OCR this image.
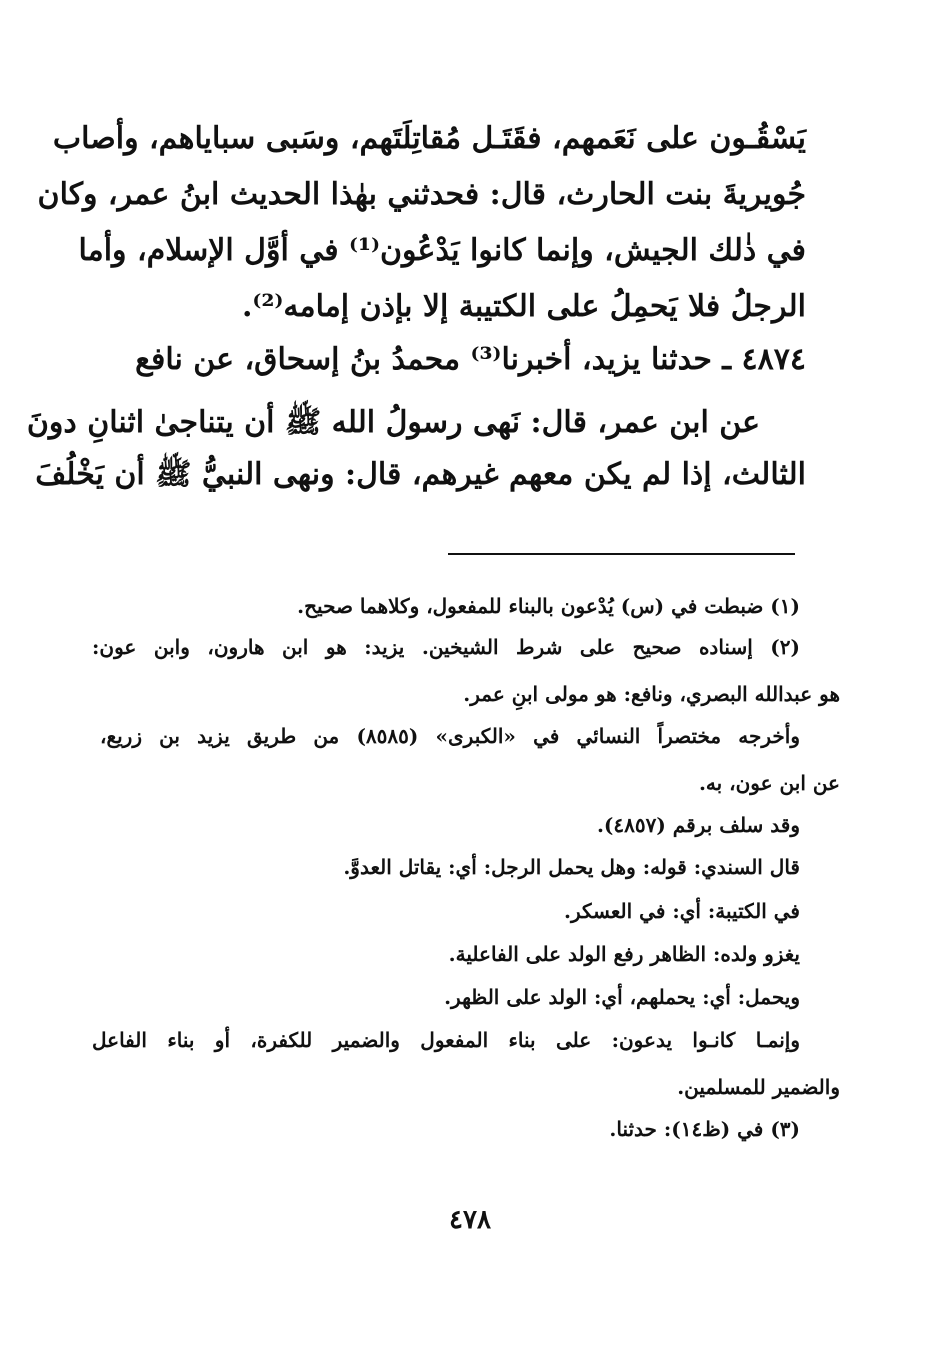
يَسْقُـون على نَعَمهم، فقَتَـل مُقاتِلَتَهم، وسَبى سباياهم، وأصاب
جُويريةَ بنت الحارث، قال: فحدثني بهٰذا الحديث ابنُ عمر، وكان
في ذٰلك الجيش، وإنما كانوا يَدْعُون⁽¹⁾ في أوَّل الإسلام، وأما
الرجلُ فلا يَحمِلُ على الكتيبة إلا بإذن إمامه⁽²⁾.
٤٨٧٤ ـ حدثنا يزيد، أخبرنا⁽³⁾ محمدُ بنُ إسحاق، عن نافع
عن ابن عمر، قال: نَهى رسولُ الله ﷺ أن يتناجىٰ اثنانِ دونَ
الثالث، إذا لم يكن معهم غيرهم، قال: ونهى النبيُّ ﷺ أن يَخْلُفَ
(١) ضبطت في (س) يُدْعون بالبناء للمفعول، وكلاهما صحيح.
(٢) إسناده صحيح على شرط الشيخين. يزيد: هو ابن هارون، وابن عون:
هو عبدالله البصري، ونافع: هو مولى ابنِ عمر.
وأخرجه مختصراً النسائي في «الكبرى» (٨٥٨٥) من طريق يزيد بن زريع،
عن ابن عون، به.
وقد سلف برقم (٤٨٥٧).
قال السندي: قوله: وهل يحمل الرجل: أي: يقاتل العدوَّ.
في الكتيبة: أي: في العسكر.
يغزو ولده: الظاهر رفع الولد على الفاعلية.
ويحمل: أي: يحملهم، أي: الولد على الظهر.
وإنمـا كانـوا يدعون: على بناء المفعول والضمير للكفرة، أو بناء الفاعل
والضمير للمسلمين.
(٣) في (ظ١٤): حدثنا.
٤٧٨
